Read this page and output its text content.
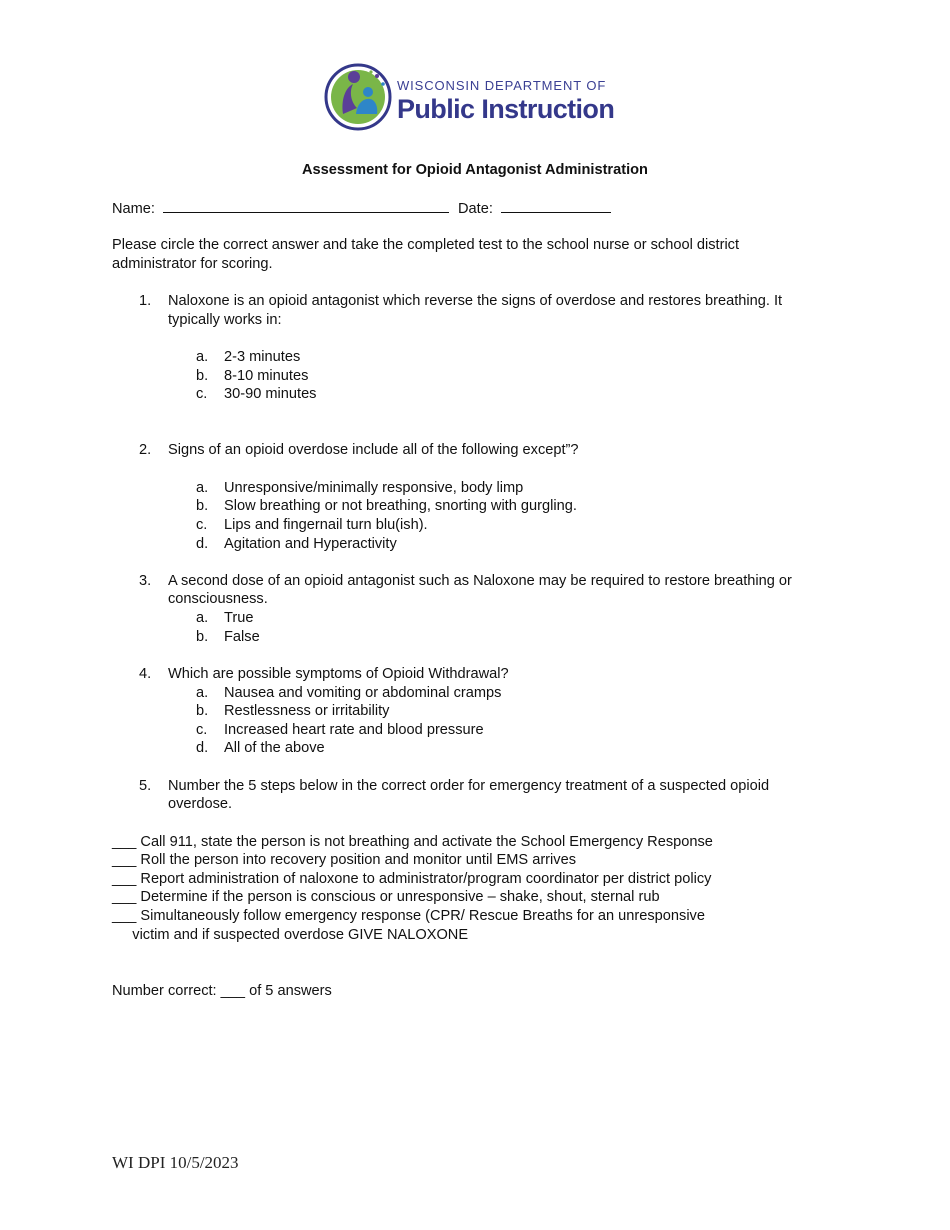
WISCONSIN DEPARTMENT OF
Public Instruction
Assessment for Opioid Antagonist Administration
Name:	Date:
Please circle the correct answer and take the completed test to the school nurse or school district
administrator for scoring.
1. Naloxone is an opioid antagonist which reverse the signs of overdose and restores breathing. It
typically works in:
a. 2-3 minutes
b. 8-10 minutes
c. 30-90 minutes
2. Signs of an opioid overdose include all of the following except”?
a. Unresponsive/minimally responsive, body limp
b. Slow breathing or not breathing, snorting with gurgling.
c. Lips and fingernail turn blu(ish).
d. Agitation and Hyperactivity
3. A second dose of an opioid antagonist such as Naloxone may be required to restore breathing or
consciousness.
a. True
b. False
4. Which are possible symptoms of Opioid Withdrawal?
a. Nausea and vomiting or abdominal cramps
b. Restlessness or irritability
c. Increased heart rate and blood pressure
d. All of the above
5. Number the 5 steps below in the correct order for emergency treatment of a suspected opioid
overdose.
___ Call 911, state the person is not breathing and activate the School Emergency Response
___ Roll the person into recovery position and monitor until EMS arrives
___ Report administration of naloxone to administrator/program coordinator per district policy
___ Determine if the person is conscious or unresponsive – shake, shout, sternal rub
___ Simultaneously follow emergency response (CPR/ Rescue Breaths for an unresponsive
victim and if suspected overdose GIVE NALOXONE
Number correct: ___ of 5 answers
WI DPI 10/5/2023
